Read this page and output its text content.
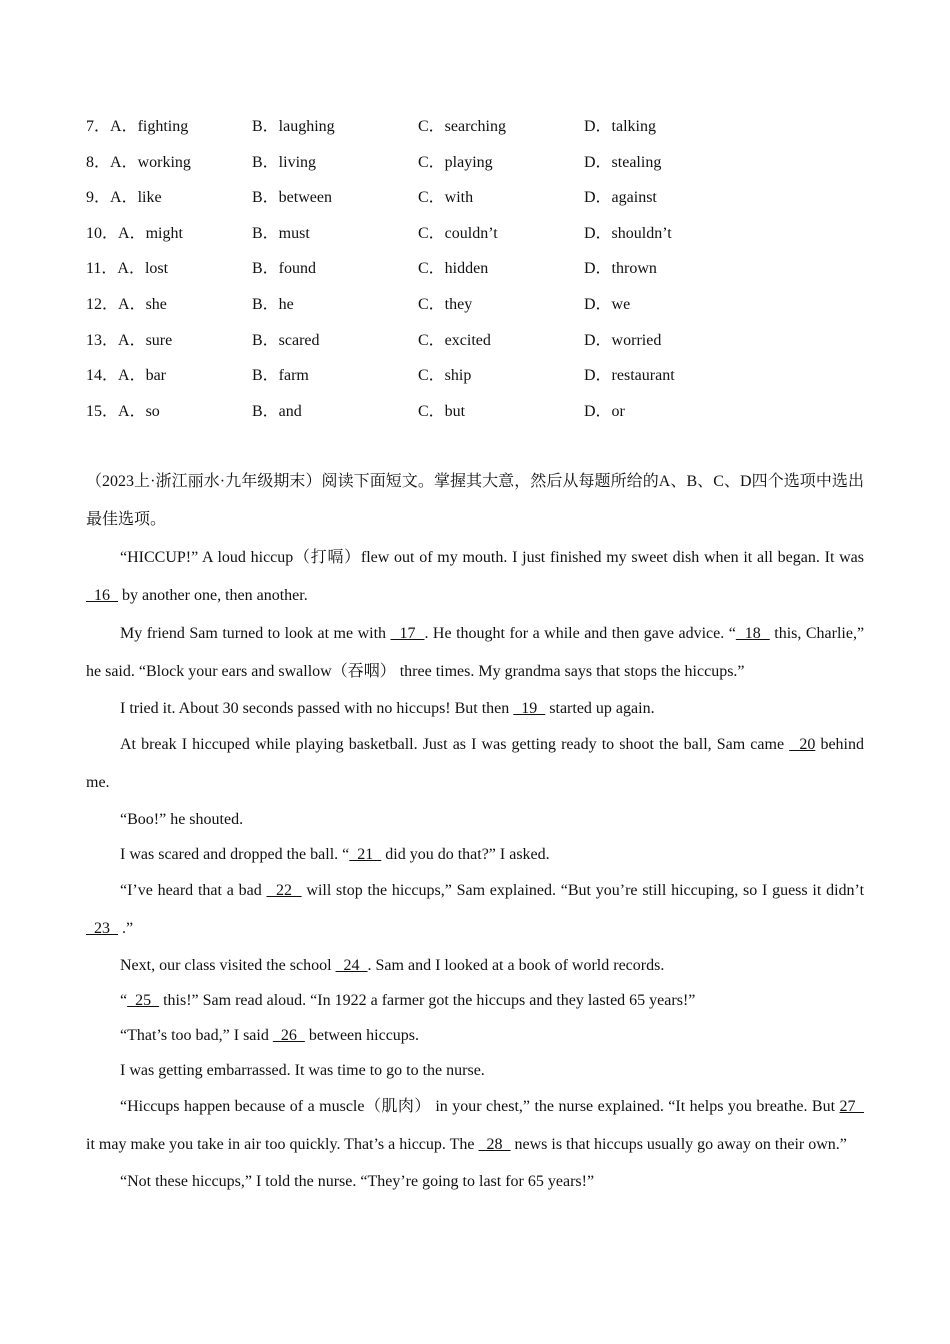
7．A．fighting	B．laughing	C．searching	D．talking
8．A．working	B．living	C．playing	D．stealing
9．A．like	B．between	C．with	D．against
10．A．might	B．must	C．couldn’t	D．shouldn’t
11．A．lost	B．found	C．hidden	D．thrown
12．A．she	B．he	C．they	D．we
13．A．sure	B．scared	C．excited	D．worried
14．A．bar	B．farm	C．ship	D．restaurant
15．A．so	B．and	C．but	D．or

（2023上·浙江丽水·九年级期末）阅读下面短文。掌握其大意，然后从每题所给的A、B、C、D四个选项中选出最佳选项。

“HICCUP!” A loud hiccup（打嗝）flew out of my mouth. I just finished my sweet dish when it all began. It was   16   by another one, then another.

My friend Sam turned to look at me with   17  . He thought for a while and then gave advice. “  18   this, Charlie,” he said. “Block your ears and swallow（吞咽） three times. My grandma says that stops the hiccups.”

I tried it. About 30 seconds passed with no hiccups! But then   19   started up again.

At break I hiccuped while playing basketball. Just as I was getting ready to shoot the ball, Sam came   20 behind me.

“Boo!” he shouted.

I was scared and dropped the ball. “  21   did you do that?” I asked.

“I’ve heard that a bad   22   will stop the hiccups,” Sam explained. “But you’re still hiccuping, so I guess it didn’t   23   .”

Next, our class visited the school   24  . Sam and I looked at a book of world records.

“  25   this!” Sam read aloud. “In 1922 a farmer got the hiccups and they lasted 65 years!”

“That’s too bad,” I said   26   between hiccups.

I was getting embarrassed. It was time to go to the nurse.

“Hiccups happen because of a muscle（肌肉） in your chest,” the nurse explained. “It helps you breathe. But 27   it may make you take in air too quickly. That’s a hiccup. The   28   news is that hiccups usually go away on their own.”

“Not these hiccups,” I told the nurse. “They’re going to last for 65 years!”
